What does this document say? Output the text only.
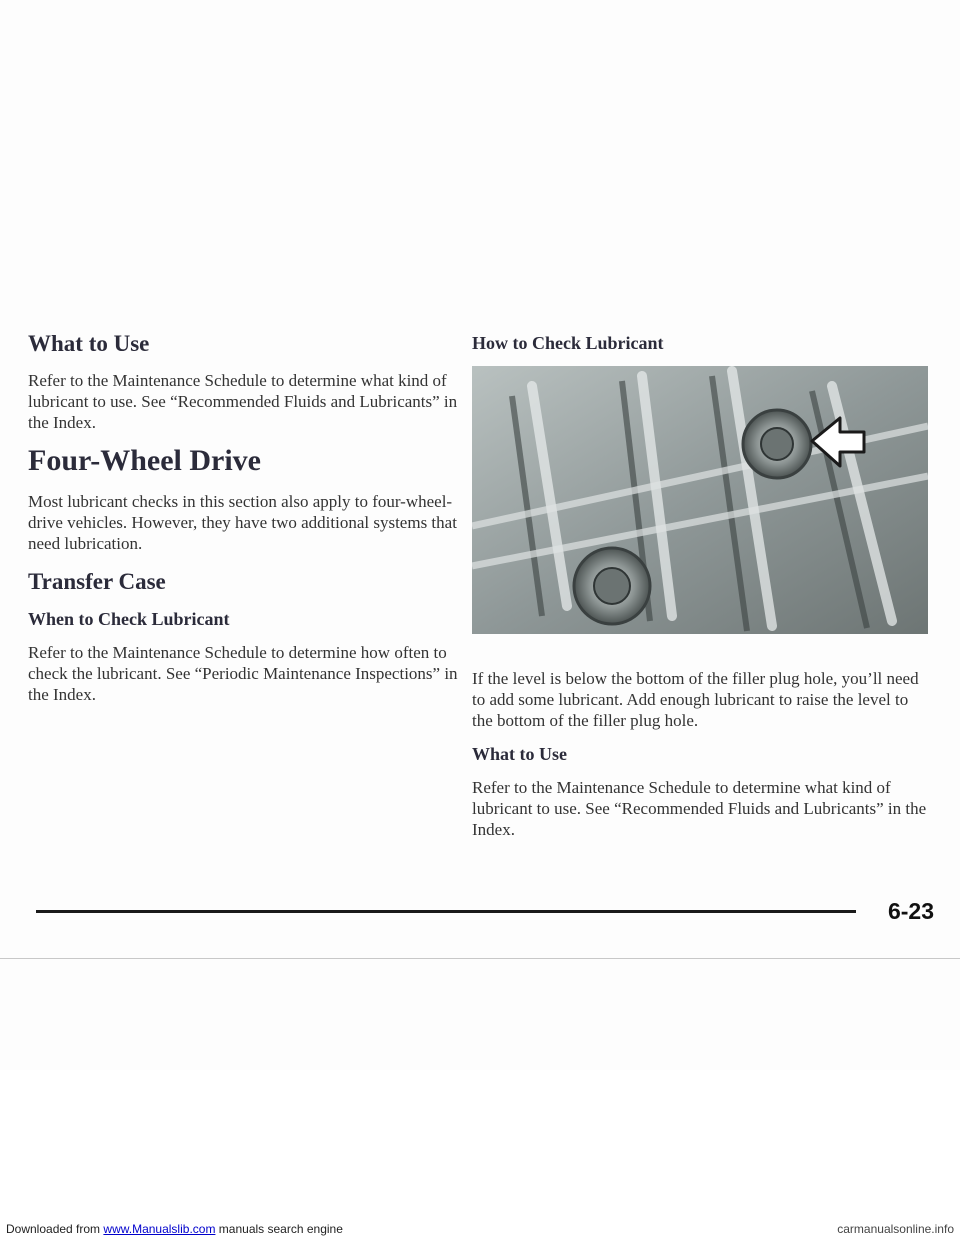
What to Use

Refer to the Maintenance Schedule to determine what kind of lubricant to use. See “Recommended Fluids and Lubricants” in the Index.

Four-Wheel Drive

Most lubricant checks in this section also apply to four-wheel-drive vehicles. However, they have two additional systems that need lubrication.

Transfer Case
When to Check Lubricant

Refer to the Maintenance Schedule to determine how often to check the lubricant. See “Periodic Maintenance Inspections” in the Index.

How to Check Lubricant

If the level is below the bottom of the filler plug hole, you’ll need to add some lubricant. Add enough lubricant to raise the level to the bottom of the filler plug hole.

What to Use

Refer to the Maintenance Schedule to determine what kind of lubricant to use. See “Recommended Fluids and Lubricants” in the Index.

6-23
Downloaded from www.Manualslib.com manuals search engine	carmanualsonline.info
